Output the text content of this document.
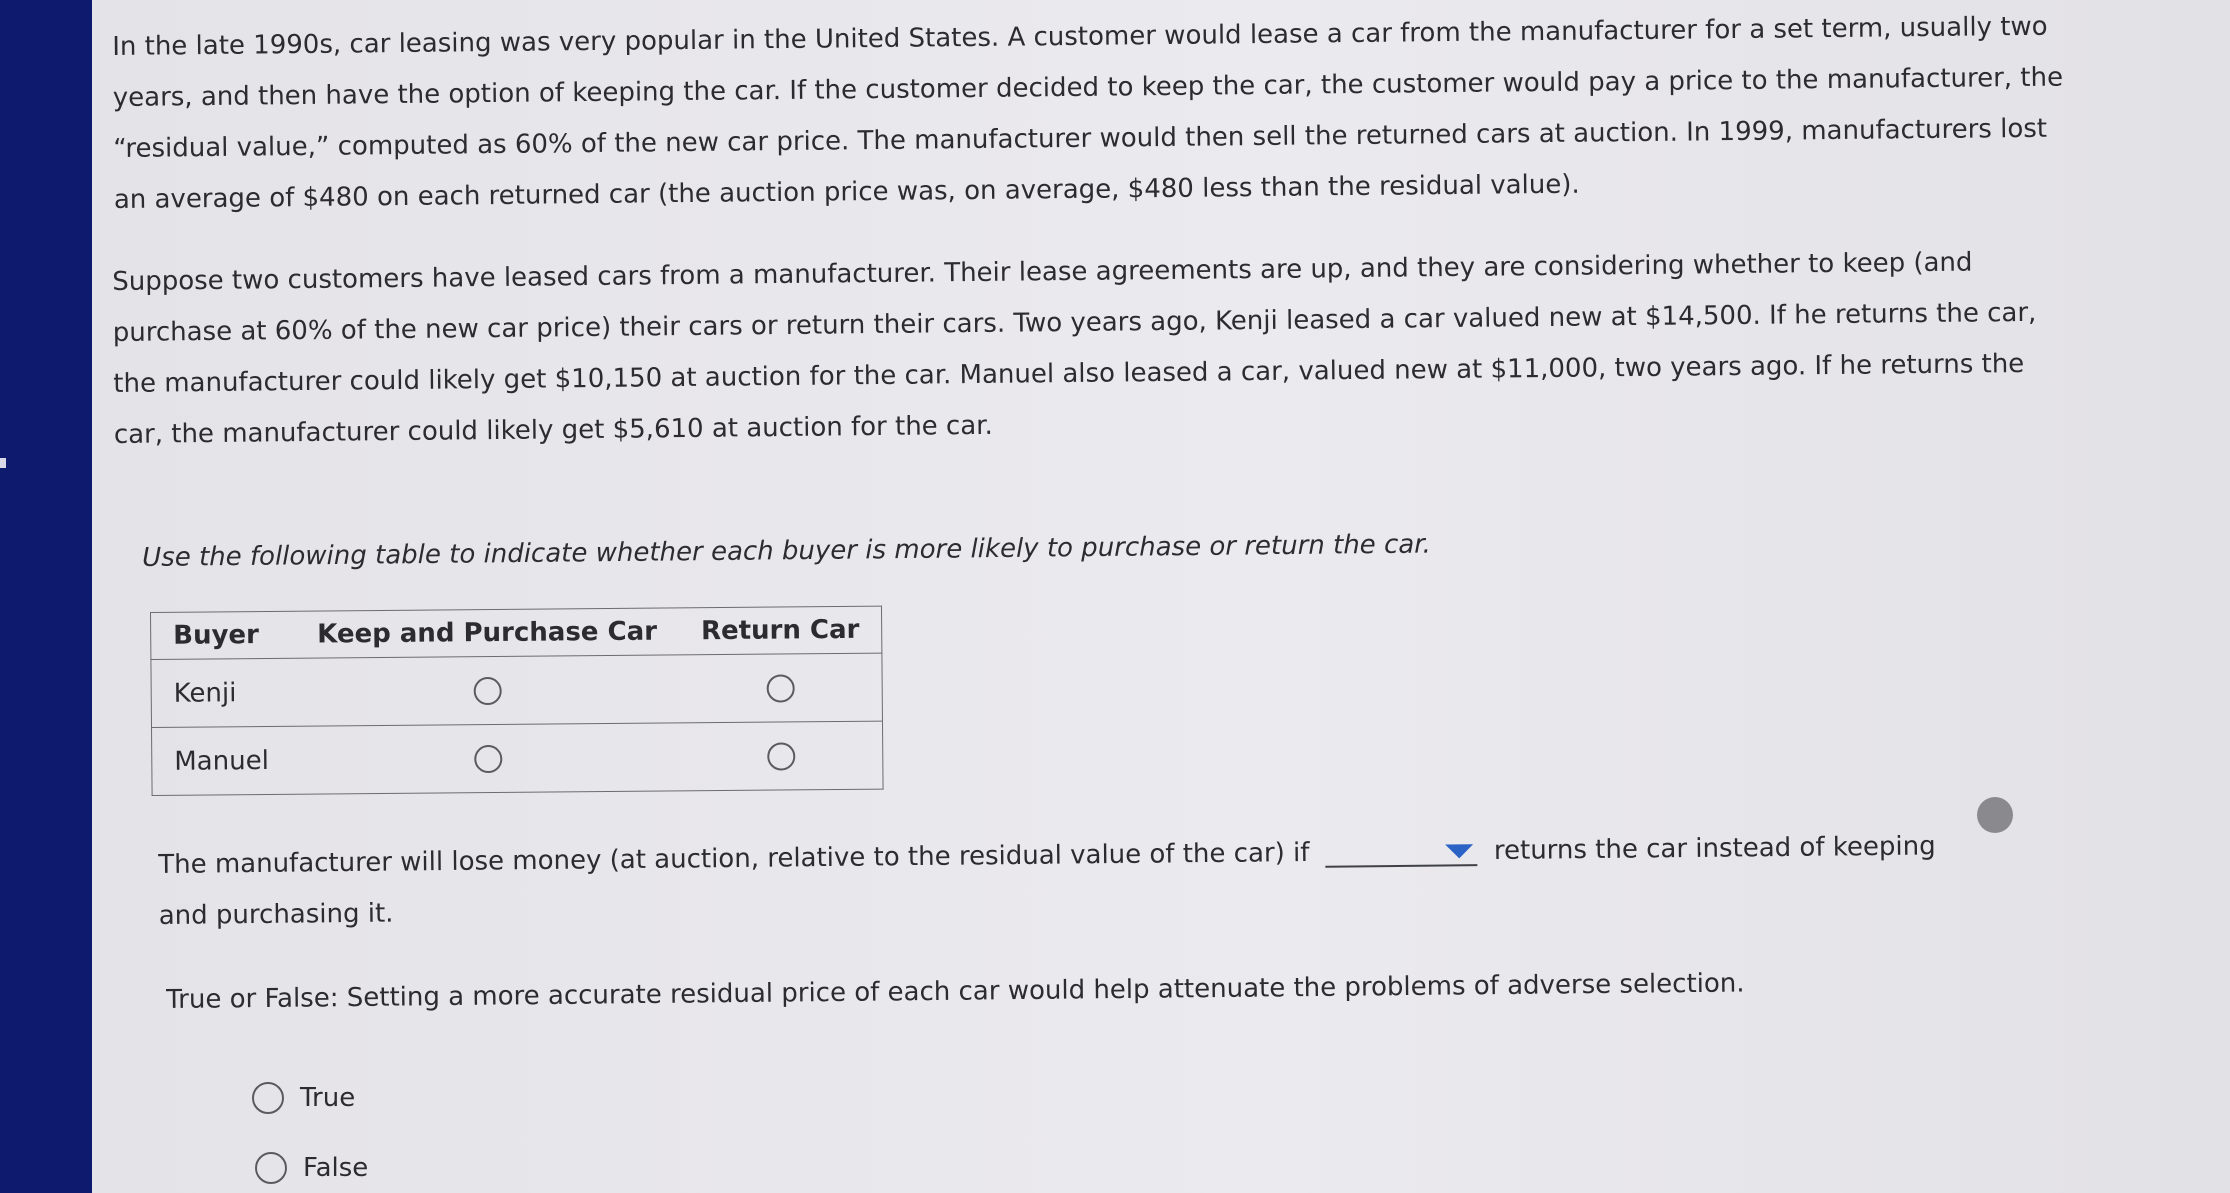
In the late 1990s, car leasing was very popular in the United States. A customer would lease a car from the manufacturer for a set term, usually two years, and then have the option of keeping the car. If the customer decided to keep the car, the customer would pay a price to the manufacturer, the “residual value,” computed as 60% of the new car price. The manufacturer would then sell the returned cars at auction. In 1999, manufacturers lost an average of $480 on each returned car (the auction price was, on average, $480 less than the residual value).

Suppose two customers have leased cars from a manufacturer. Their lease agreements are up, and they are considering whether to keep (and purchase at 60% of the new car price) their cars or return their cars. Two years ago, Kenji leased a car valued new at $14,500. If he returns the car, the manufacturer could likely get $10,150 at auction for the car. Manuel also leased a car, valued new at $11,000, two years ago. If he returns the car, the manufacturer could likely get $5,610 at auction for the car.

Use the following table to indicate whether each buyer is more likely to purchase or return the car.
Buyer	Keep and Purchase Car	Return Car
Kenji		
Manuel		
The manufacturer will lose money (at auction, relative to the residual value of the car) if	returns the car instead of keeping and purchasing it.
True or False: Setting a more accurate residual price of each car would help attenuate the problems of adverse selection.
True
False
